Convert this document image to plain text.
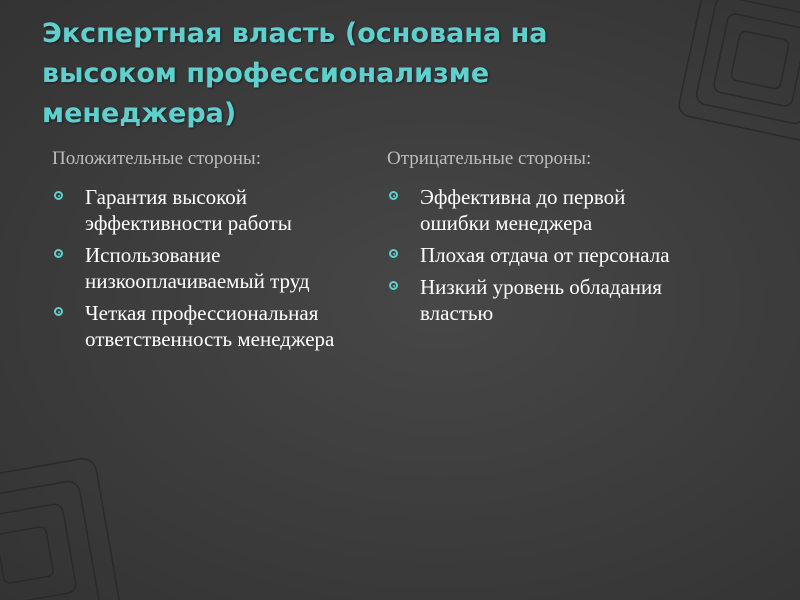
Экспертная власть (основана на высоком профессионализме менеджера)
Положительные стороны:
Гарантия высокой эффективности работы
Использование низкооплачиваемый труд
Четкая профессиональная ответственность менеджера
Отрицательные стороны:
Эффективна до первой ошибки менеджера
Плохая отдача от персонала
Низкий уровень обладания властью
